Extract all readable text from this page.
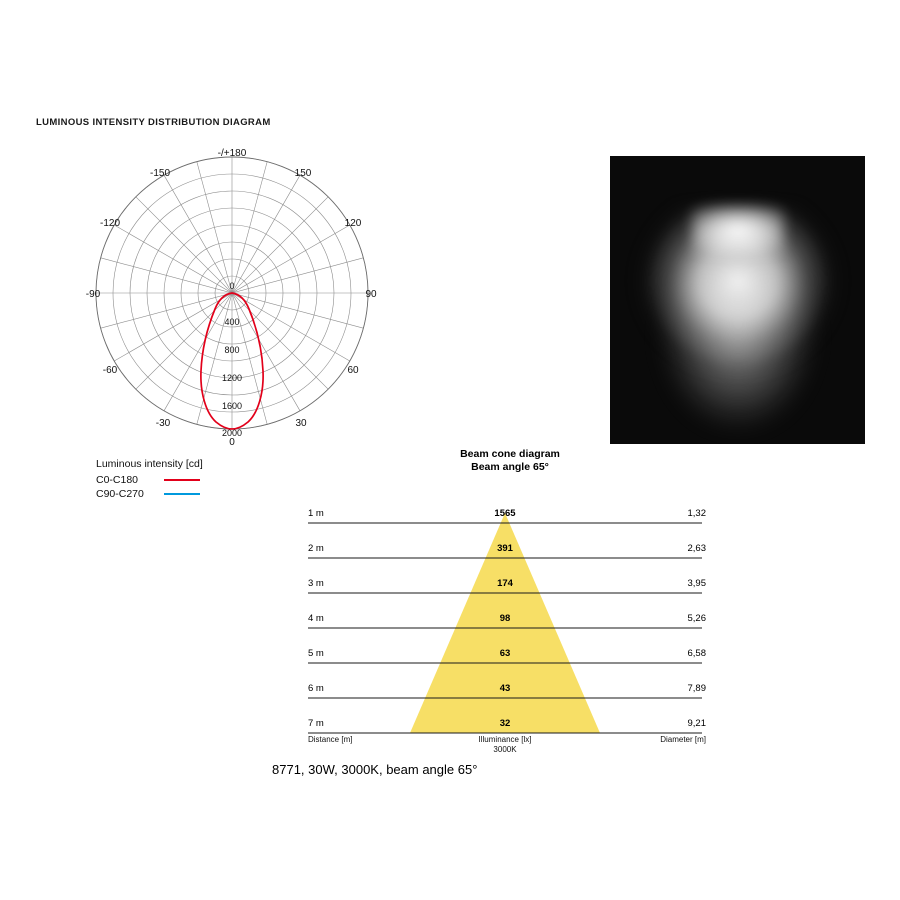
LUMINOUS INTENSITY DISTRIBUTION DIAGRAM
400
800
1200
1600
2000
0
-/+180
-150	150
-120	120
-90	90
-60	60
-30	30
0
Luminous intensity [cd]
C0-C180
C90-C270
Beam cone diagram
Beam angle 65°
1 m	1565	1,32
2 m	391	2,63
3 m	174	3,95
4 m	98	5,26
5 m	63	6,58
6 m	43	7,89
7 m	32	9,21
Distance [m]	Illuminance [lx]
3000K
Diameter [m]
8771, 30W, 3000K, beam angle 65°
